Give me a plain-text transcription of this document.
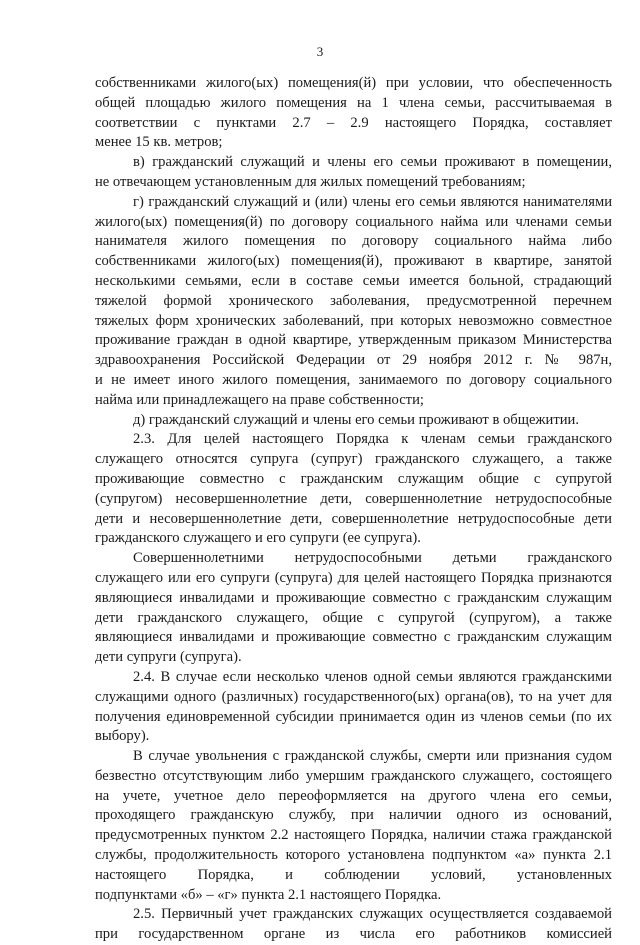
3
собственниками жилого(ых) помещения(й) при условии, что обеспеченность
общей площадью жилого помещения на 1 члена семьи, рассчитываемая в
соответствии с пунктами 2.7 – 2.9 настоящего Порядка, составляет
менее 15 кв. метров;
в) гражданский служащий и члены его семьи проживают в помещении,
не отвечающем установленным для жилых помещений требованиям;
г) гражданский служащий и (или) члены его семьи являются нанимателями
жилого(ых) помещения(й) по договору социального найма или членами семьи
нанимателя жилого помещения по договору социального найма либо
собственниками жилого(ых) помещения(й), проживают в квартире, занятой
несколькими семьями, если в составе семьи имеется больной, страдающий
тяжелой формой хронического заболевания, предусмотренной перечнем
тяжелых форм хронических заболеваний, при которых невозможно совместное
проживание граждан в одной квартире, утвержденным приказом Министерства
здравоохранения Российской Федерации от 29 ноября 2012 г. № 987н,
и не имеет иного жилого помещения, занимаемого по договору социального
найма или принадлежащего на праве собственности;
д) гражданский служащий и члены его семьи проживают в общежитии.
2.3. Для целей настоящего Порядка к членам семьи гражданского
служащего относятся супруга (супруг) гражданского служащего, а также
проживающие совместно с гражданским служащим общие с супругой
(супругом) несовершеннолетние дети, совершеннолетние нетрудоспособные
дети и несовершеннолетние дети, совершеннолетние нетрудоспособные дети
гражданского служащего и его супруги (ее супруга).
Совершеннолетними нетрудоспособными детьми гражданского
служащего или его супруги (супруга) для целей настоящего Порядка признаются
являющиеся инвалидами и проживающие совместно с гражданским служащим
дети гражданского служащего, общие с супругой (супругом), а также
являющиеся инвалидами и проживающие совместно с гражданским служащим
дети супруги (супруга).
2.4. В случае если несколько членов одной семьи являются гражданскими
служащими одного (различных) государственного(ых) органа(ов), то на учет для
получения единовременной субсидии принимается один из членов семьи (по их
выбору).
В случае увольнения с гражданской службы, смерти или признания судом
безвестно отсутствующим либо умершим гражданского служащего, состоящего
на учете, учетное дело переоформляется на другого члена его семьи,
проходящего гражданскую службу, при наличии одного из оснований,
предусмотренных пунктом 2.2 настоящего Порядка, наличии стажа гражданской
службы, продолжительность которого установлена подпунктом «а» пункта 2.1
настоящего Порядка, и соблюдении условий, установленных
подпунктами «б» – «г» пункта 2.1 настоящего Порядка.
2.5. Первичный учет гражданских служащих осуществляется создаваемой
при государственном органе из числа его работников комиссией
